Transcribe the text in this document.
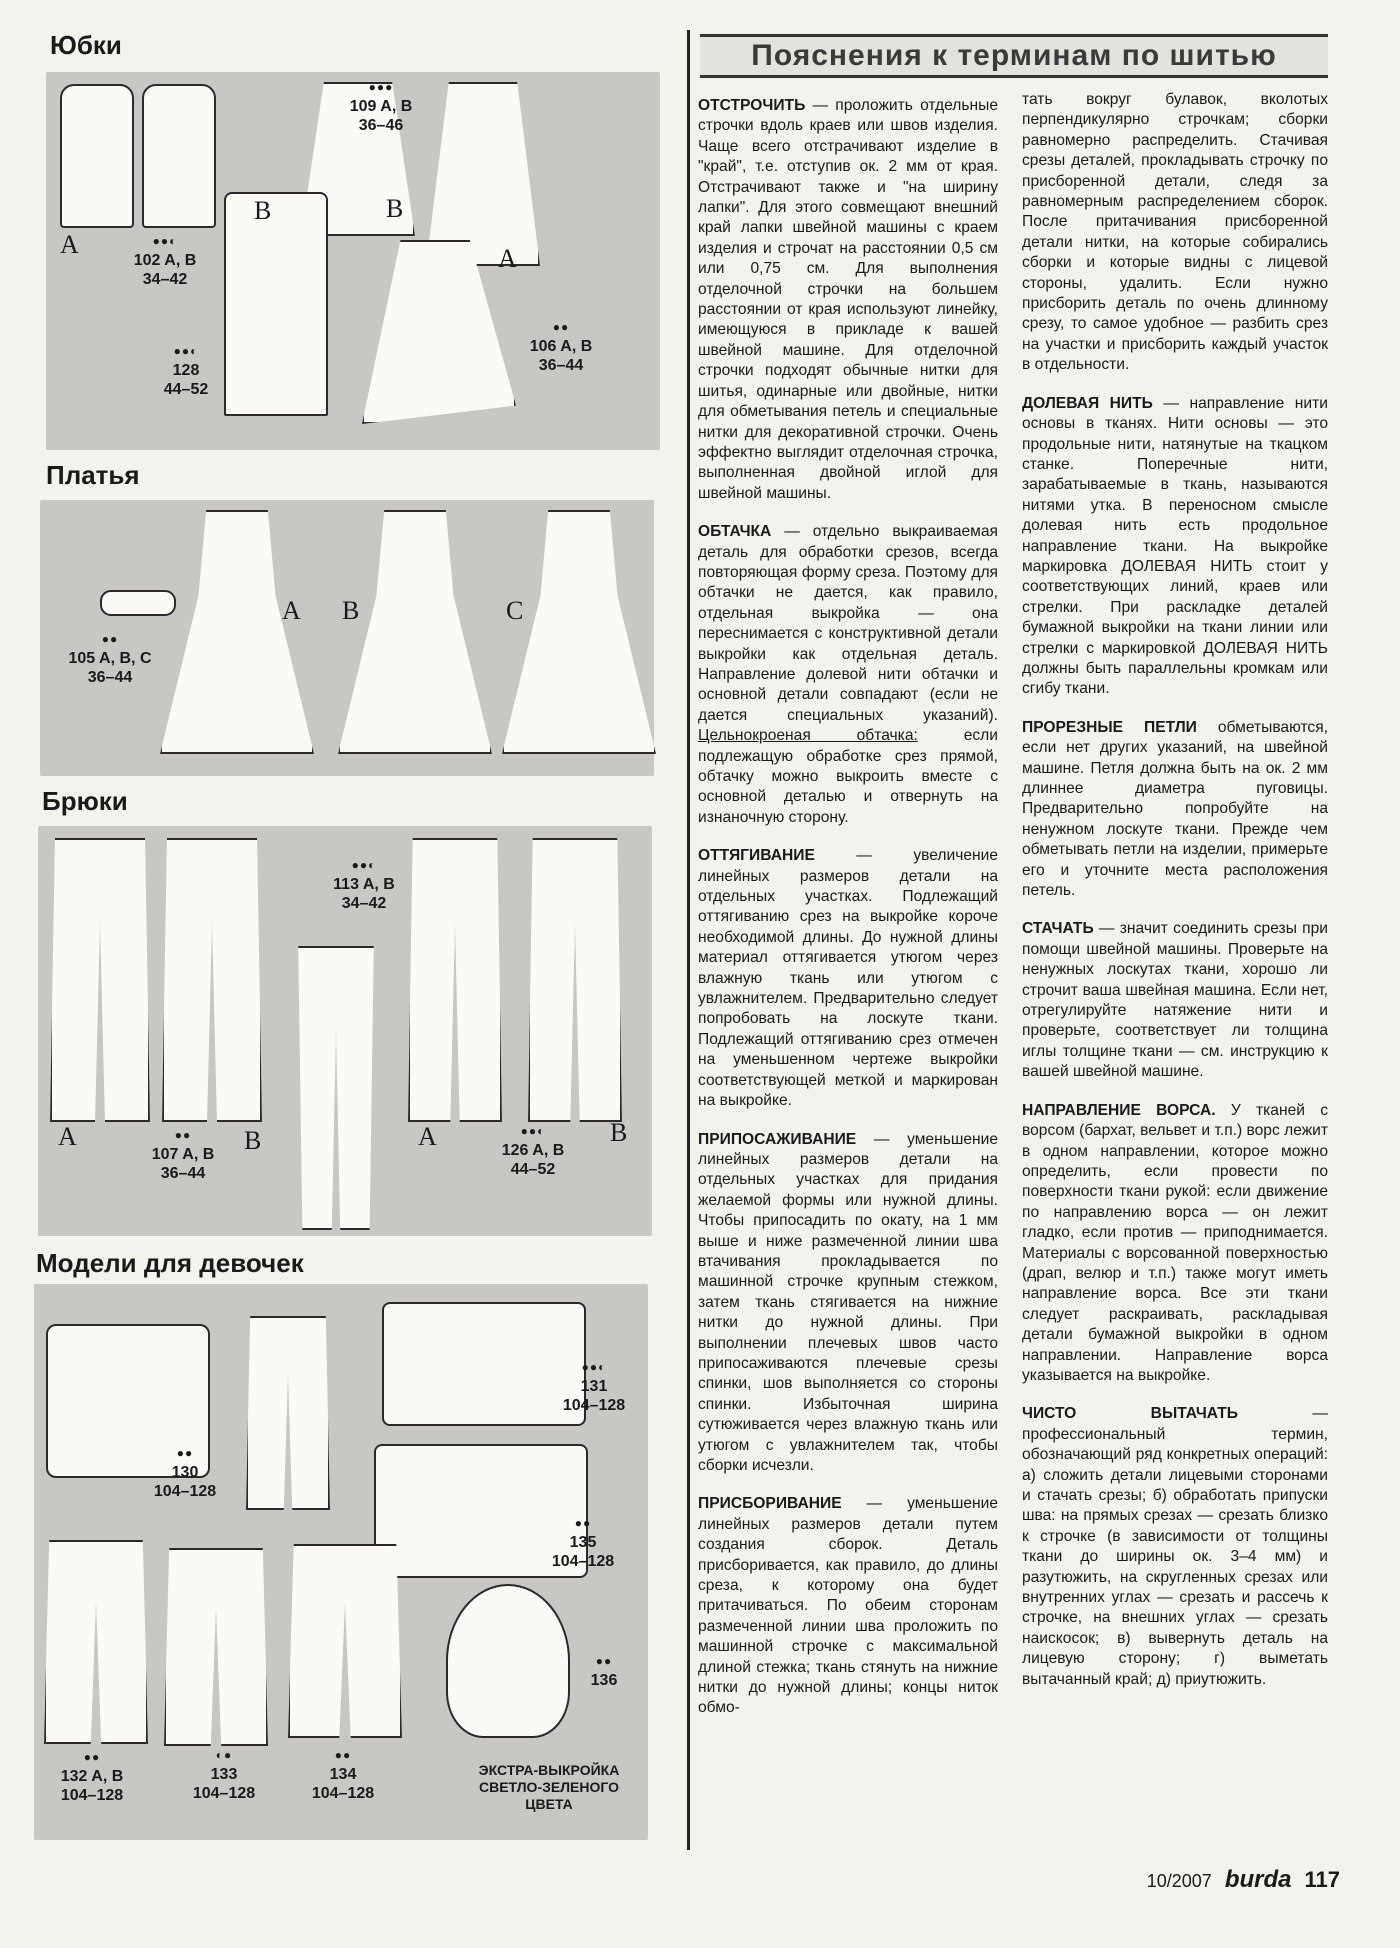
Юбки
A
B	B
A
●●●
109 A, B
36–46
●●◐
102 A, B
34–42
●●◐
128
44–52
●●
106 A, B
36–44
Платья
A B	C
●●
105 A, B, C
36–44
Брюки
A	B	A	B
●●◐
113 A, B
34–42
●●
107 A, B
36–44
●●◐
126 A, B
44–52
Модели для девочек
●●◐
131
104–128
●●
130
104–128
●●
135
104–128
●●
136
●●
132 A, B
104–128
◐●
133
104–128
●●
134
104–128
ЭКСТРА-ВЫКРОЙКА СВЕТЛО-ЗЕЛЕНОГО ЦВЕТА
Пояснения к терминам по шитью

ОТСТРОЧИТЬ — проложить отдельные строчки вдоль краев или швов изделия. Чаще всего отстрачивают изделие в "край", т.е. отступив ок. 2 мм от края. Отстрачивают также и "на ширину лапки". Для этого совмещают внешний край лапки швейной машины с краем изделия и строчат на расстоянии 0,5 см или 0,75 см. Для выполнения отделочной строчки на большем расстоянии от края используют линейку, имеющуюся в прикладе к вашей швейной машине. Для отделочной строчки подходят обычные нитки для шитья, одинарные или двойные, нитки для обметывания петель и специальные нитки для декоративной строчки. Очень эффектно выглядит отделочная строчка, выполненная двойной иглой для швейной машины.

ОБТАЧКА — отдельно выкраиваемая деталь для обработки срезов, всегда повторяющая форму среза. Поэтому для обтачки не дается, как правило, отдельная выкройка — она переснимается с конструктивной детали выкройки как отдельная деталь. Направление долевой нити обтачки и основной детали совпадают (если не дается специальных указаний). Цельнокроеная обтачка: если подлежащую обработке срез прямой, обтачку можно выкроить вместе с основной деталью и отвернуть на изнаночную сторону.

ОТТЯГИВАНИЕ — увеличение линейных размеров детали на отдельных участках. Подлежащий оттягиванию срез на выкройке короче необходимой длины. До нужной длины материал оттягивается утюгом через влажную ткань или утюгом с увлажнителем. Предварительно следует попробовать на лоскуте ткани. Подлежащий оттягиванию срез отмечен на уменьшенном чертеже выкройки соответствующей меткой и маркирован на выкройке.

ПРИПОСАЖИВАНИЕ — уменьшение линейных размеров детали на отдельных участках для придания желаемой формы или нужной длины. Чтобы припосадить по окату, на 1 мм выше и ниже размеченной линии шва втачивания прокладывается по машинной строчке крупным стежком, затем ткань стягивается на нижние нитки до нужной длины. При выполнении плечевых швов часто припосаживаются плечевые срезы спинки, шов выполняется со стороны спинки. Избыточная ширина сутюживается через влажную ткань или утюгом с увлажнителем так, чтобы сборки исчезли.

ПРИСБОРИВАНИЕ — уменьшение линейных размеров детали путем создания сборок. Деталь присборивается, как правило, до длины среза, к которому она будет притачиваться. По обеим сторонам размеченной линии шва проложить по машинной строчке с максимальной длиной стежка; ткань стянуть на нижние нитки до нужной длины; концы ниток обмо-

тать вокруг булавок, вколотых перпендикулярно строчкам; сборки равномерно распределить. Стачивая срезы деталей, прокладывать строчку по присборенной детали, следя за равномерным распределением сборок. После притачивания присборенной детали нитки, на которые собирались сборки и которые видны с лицевой стороны, удалить. Если нужно присборить деталь по очень длинному срезу, то самое удобное — разбить срез на участки и присборить каждый участок в отдельности.

ДОЛЕВАЯ НИТЬ — направление нити основы в тканях. Нити основы — это продольные нити, натянутые на ткацком станке. Поперечные нити, зарабатываемые в ткань, называются нитями утка. В переносном смысле долевая нить есть продольное направление ткани. На выкройке маркировка ДОЛЕВАЯ НИТЬ стоит у соответствующих линий, краев или стрелки. При раскладке деталей бумажной выкройки на ткани линии или стрелки с маркировкой ДОЛЕВАЯ НИТЬ должны быть параллельны кромкам или сгибу ткани.

ПРОРЕЗНЫЕ ПЕТЛИ обметываются, если нет других указаний, на швейной машине. Петля должна быть на ок. 2 мм длиннее диаметра пуговицы. Предварительно попробуйте на ненужном лоскуте ткани. Прежде чем обметывать петли на изделии, примерьте его и уточните места расположения петель.

СТАЧАТЬ — значит соединить срезы при помощи швейной машины. Проверьте на ненужных лоскутах ткани, хорошо ли строчит ваша швейная машина. Если нет, отрегулируйте натяжение нити и проверьте, соответствует ли толщина иглы толщине ткани — см. инструкцию к вашей швейной машине.

НАПРАВЛЕНИЕ ВОРСА. У тканей с ворсом (бархат, вельвет и т.п.) ворс лежит в одном направлении, которое можно определить, если провести по поверхности ткани рукой: если движение по направлению ворса — он лежит гладко, если против — приподнимается. Материалы с ворсованной поверхностью (драп, велюр и т.п.) также могут иметь направление ворса. Все эти ткани следует раскраивать, раскладывая детали бумажной выкройки в одном направлении. Направление ворса указывается на выкройке.

ЧИСТО ВЫТАЧАТЬ — профессиональный термин, обозначающий ряд конкретных операций: а) сложить детали лицевыми сторонами и стачать срезы; б) обработать припуски шва: на прямых срезах — срезать близко к строчке (в зависимости от толщины ткани до ширины ок. 3–4 мм) и разутюжить, на скругленных срезах или внутренних углах — срезать и рассечь к строчке, на внешних углах — срезать наискосок; в) вывернуть деталь на лицевую сторону; г) выметать вытачанный край; д) приутюжить.

10/2007 burda 117
